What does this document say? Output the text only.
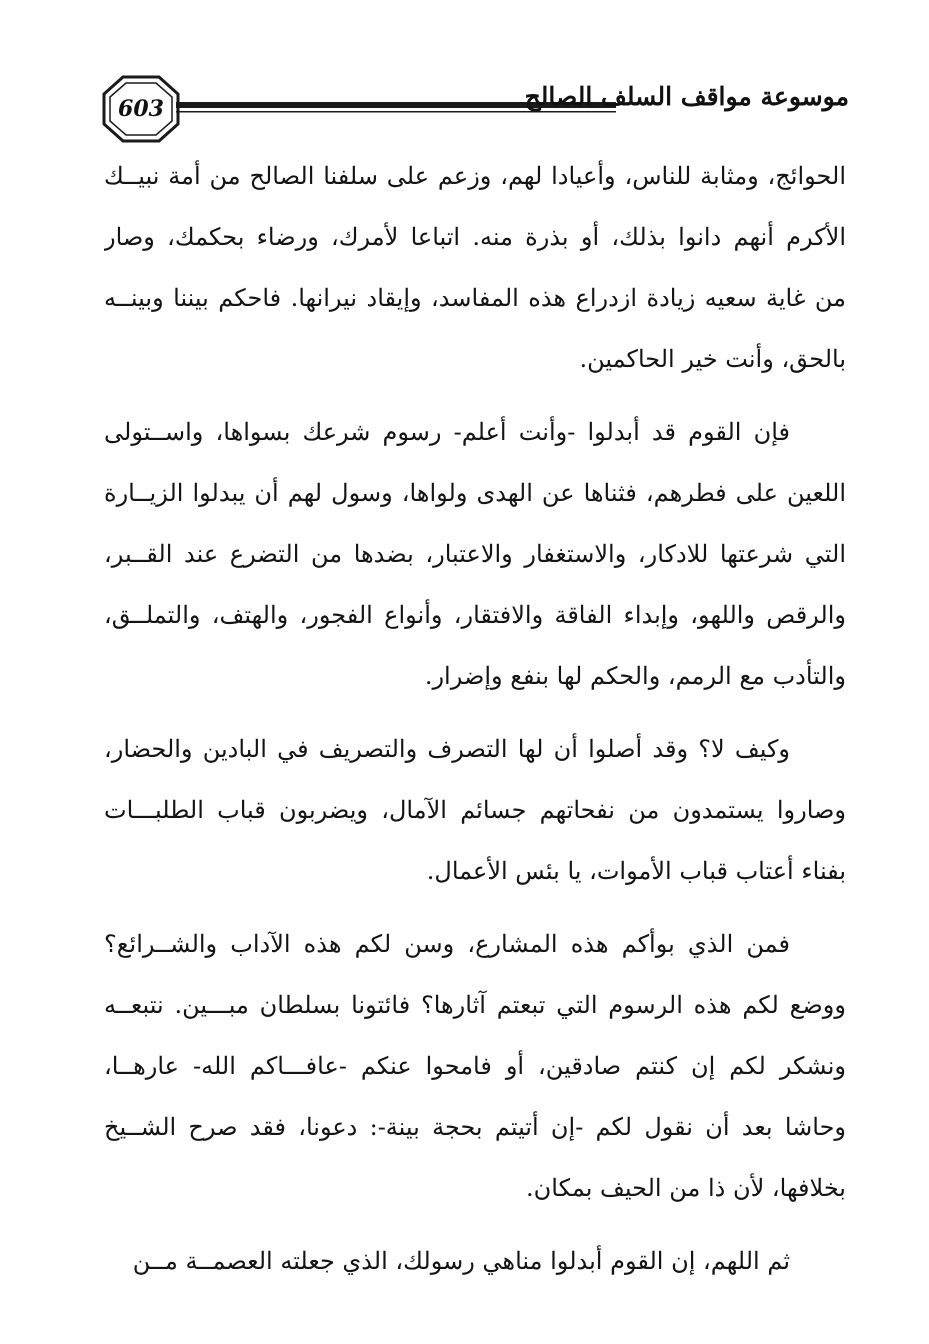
603	موسوعة مواقف السلف الصالح
الحوائج، ومثابة للناس، وأعيادا لهم، وزعم على سلفنا الصالح من أمة نبيــك
الأكرم أنهم دانوا بذلك، أو بذرة منه. اتباعا لأمرك، ورضاء بحكمك، وصار
من غاية سعيه زيادة ازدراع هذه المفاسد، وإيقاد نيرانها. فاحكم بيننا وبينــه
بالحق، وأنت خير الحاكمين.
فإن القوم قد أبدلوا -وأنت أعلم- رسوم شرعك بسواها، واســتولى
اللعين على فطرهم، فثناها عن الهدى ولواها، وسول لهم أن يبدلوا الزيــارة
التي شرعتها للادكار، والاستغفار والاعتبار، بضدها من التضرع عند القــبر،
والرقص واللهو، وإبداء الفاقة والافتقار، وأنواع الفجور، والهتف، والتملــق،
والتأدب مع الرمم، والحكم لها بنفع وإضرار.
وكيف لا؟ وقد أصلوا أن لها التصرف والتصريف في البادين والحضار،
وصاروا يستمدون من نفحاتهم جسائم الآمال، ويضربون قباب الطلبـــات
بفناء أعتاب قباب الأموات، يا بئس الأعمال.
فمن الذي بوأكم هذه المشارع، وسن لكم هذه الآداب والشــرائع؟
ووضع لكم هذه الرسوم التي تبعتم آثارها؟ فائتونا بسلطان مبـــين. نتبعــه
ونشكر لكم إن كنتم صادقين، أو فامحوا عنكم -عافـــاكم الله- عارهــا،
وحاشا بعد أن نقول لكم -إن أتيتم بحجة بينة-: دعونا، فقد صرح الشــيخ
بخلافها، لأن ذا من الحيف بمكان.
ثم اللهم، إن القوم أبدلوا مناهي رسولك، الذي جعلته العصمــة مــن
